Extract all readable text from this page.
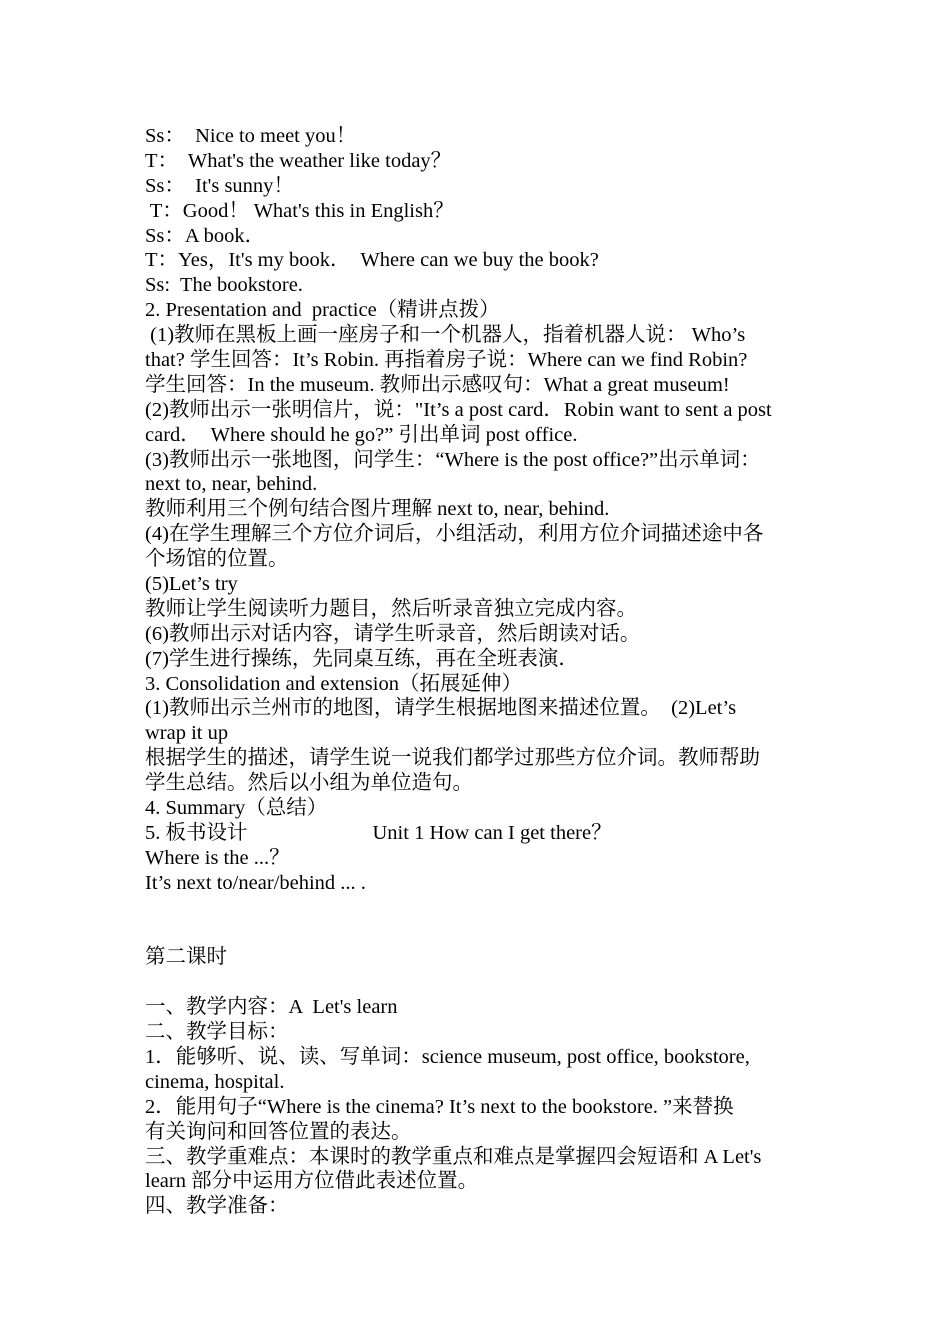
Ss：  Nice to meet you！
T：  What's the weather like today？
Ss：  It's sunny！
T：Good！ What's this in English？
Ss：A book．
T：Yes，It's my book．  Where can we buy the book?
Ss:  The bookstore.
2. Presentation and  practice（精讲点拨）
(1)教师在黑板上画一座房子和一个机器人，指着机器人说： Who’s
that? 学生回答：It’s Robin. 再指着房子说：Where can we find Robin?
学生回答：In the museum. 教师出示感叹句：What a great museum!
(2)教师出示一张明信片，说："It’s a post card．Robin want to sent a post
card．  Where should he go?” 引出单词 post office.
(3)教师出示一张地图，问学生：“Where is the post office?”出示单词：
next to, near, behind.
教师利用三个例句结合图片理解 next to, near, behind.
(4)在学生理解三个方位介词后，小组活动，利用方位介词描述途中各
个场馆的位置。
(5)Let’s try
教师让学生阅读听力题目，然后听录音独立完成内容。
(6)教师出示对话内容，请学生听录音，然后朗读对话。
(7)学生进行操练，先同桌互练，再在全班表演．
3. Consolidation and extension（拓展延伸）
(1)教师出示兰州市的地图，请学生根据地图来描述位置。  (2)Let’s
wrap it up
根据学生的描述，请学生说一说我们都学过那些方位介词。教师帮助
学生总结。然后以小组为单位造句。
4. Summary（总结）
5. 板书设计	Unit 1 How can I get there？
Where is the ...？
It’s next to/near/behind ... .
第二课时
一、教学内容：A  Let's learn
二、教学目标：
1．能够听、说、读、写单词：science museum, post office, bookstore,
cinema, hospital.
2．能用句子“Where is the cinema? It’s next to the bookstore. ”来替换
有关询问和回答位置的表达。
三、教学重难点：本课时的教学重点和难点是掌握四会短语和 A Let's
learn 部分中运用方位借此表述位置。
四、教学准备：
